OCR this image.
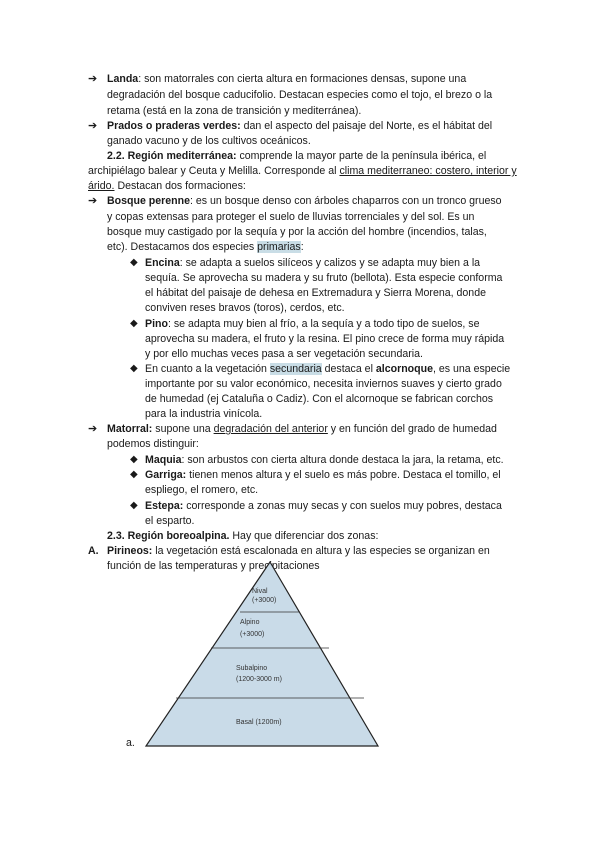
➔ Landa: son matorrales con cierta altura en formaciones densas, supone una
degradación del bosque caducifolio. Destacan especies como el tojo, el brezo o la
retama (está en la zona de transición y mediterránea).
➔ Prados o praderas verdes: dan el aspecto del paisaje del Norte, es el hábitat del
ganado vacuno y de los cultivos oceánicos.
2.2. Región mediterránea: comprende la mayor parte de la península ibérica, el
archipiélago balear y Ceuta y Melilla. Corresponde al clima mediterraneo: costero, interior y
árido. Destacan dos formaciones:
➔ Bosque perenne: es un bosque denso con árboles chaparros con un tronco grueso
y copas extensas para proteger el suelo de lluvias torrenciales y del sol. Es un
bosque muy castigado por la sequía y por la acción del hombre (incendios, talas,
etc). Destacamos dos especies primarias:
◆ Encina: se adapta a suelos silíceos y calizos y se adapta muy bien a la
sequía. Se aprovecha su madera y su fruto (bellota). Esta especie conforma
el hábitat del paisaje de dehesa en Extremadura y Sierra Morena, donde
conviven reses bravos (toros), cerdos, etc.
◆ Pino: se adapta muy bien al frío, a la sequía y a todo tipo de suelos, se
aprovecha su madera, el fruto y la resina. El pino crece de forma muy rápida
y por ello muchas veces pasa a ser vegetación secundaria.
◆ En cuanto a la vegetación secundaria destaca el alcornoque, es una especie
importante por su valor económico, necesita inviernos suaves y cierto grado
de humedad (ej Cataluña o Cadiz). Con el alcornoque se fabrican corchos
para la industria vinícola.
➔ Matorral: supone una degradación del anterior y en función del grado de humedad
podemos distinguir:
◆ Maquia: son arbustos con cierta altura donde destaca la jara, la retama, etc.
◆ Garriga: tienen menos altura y el suelo es más pobre. Destaca el tomillo, el
espliego, el romero, etc.
◆ Estepa: corresponde a zonas muy secas y con suelos muy pobres, destaca
el esparto.
2.3. Región boreoalpina. Hay que diferenciar dos zonas:
A. Pirineos: la vegetación está escalonada en altura y las especies se organizan en
función de las temperaturas y precipitaciones
Nival
(+3000)
Alpino
(+3000)
Subalpino
(1200-3000 m)
Basal (1200m)
a.
